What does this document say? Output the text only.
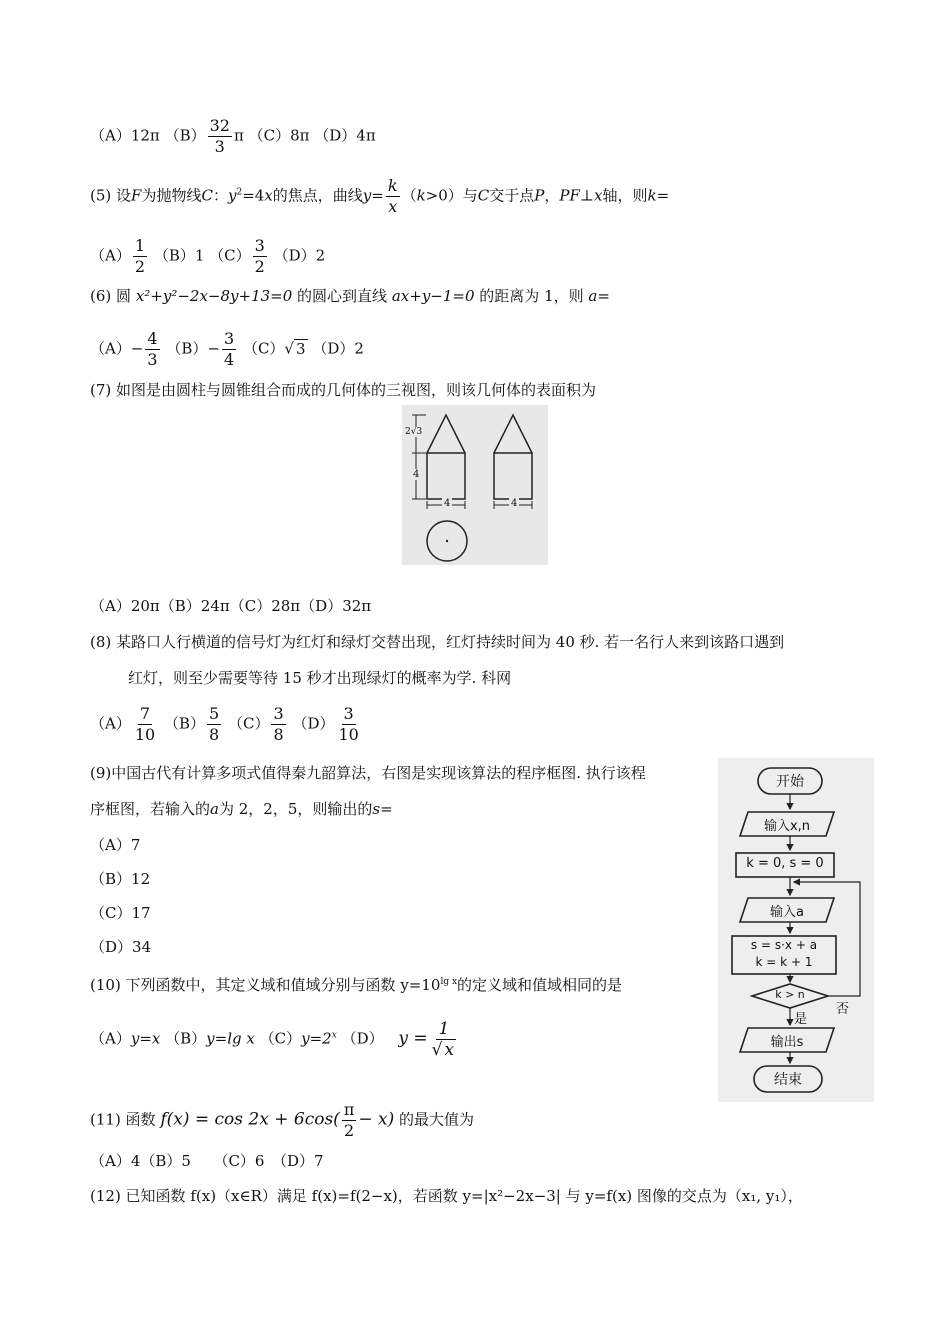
（A）12π $(B) \frac{32}{3}$ π （C）8π （D）4π
(5) 设F为抛物线C：$y^2=4x$的焦点，曲线$y= \frac{k}{x} (k>0)$与C交于点P，PF⊥x轴，则k=
$(A) \frac{1}{2} (B)1$ $(C) \frac{3}{2} (D)2$
(6) 圆 x²+y²−2x−8y+13=0 的圆心到直线 ax+y−1=0 的距离为 1，则 a=
$(A)- \frac{4}{3} (B)- \frac{3}{4} (C)√$ 3 （D）2
(7) 如图是由圆柱与圆锥组合而成的几何体的三视图，则该几何体的表面积为
2√3
4
4	4
（A）20π（B）24π（C）28π（D）32π
(8) 某路口人行横道的信号灯为红灯和绿灯交替出现，红灯持续时间为 40 秒. 若一名行人来到该路口遇到
红灯，则至少需要等待 15 秒才出现绿灯的概率为学. 科网
$(A) \frac{7}{10} (B) \frac{5}{8} (C) \frac{3}{8} (D) \frac{3}{10}$
(9)中国古代有计算多项式值得秦九韶算法，右图是实现该算法的程序框图. 执行该程
序框图，若输入的a为 2，2，5，则输出的s=
（A）7
（B）12
（C）17
（D）34
开始
输入x,n
k = 0, s = 0
输入a
s = s·x + a
k = k + 1
k > n
否
是
输出s
结束
(10) 下列函数中，其定义域和值域分别与函数 $y=10^{lg x}$的定义域和值域相同的是
（A）y=x （B）y=lg x $(C)y=2^x$ （D） $y = \frac{1}{√ x}$
(11) 函数 $f(x) = \cos 2x + 6\cos( \frac{\pi}{2} - x)$ 的最大值为
（A）4（B）5　　（C）6　（D）7
(12) 已知函数 f(x)（x∈R）满足 f(x)=f(2−x)，若函数 y=|x²−2x−3| 与 y=f(x) 图像的交点为（x₁, y₁），
